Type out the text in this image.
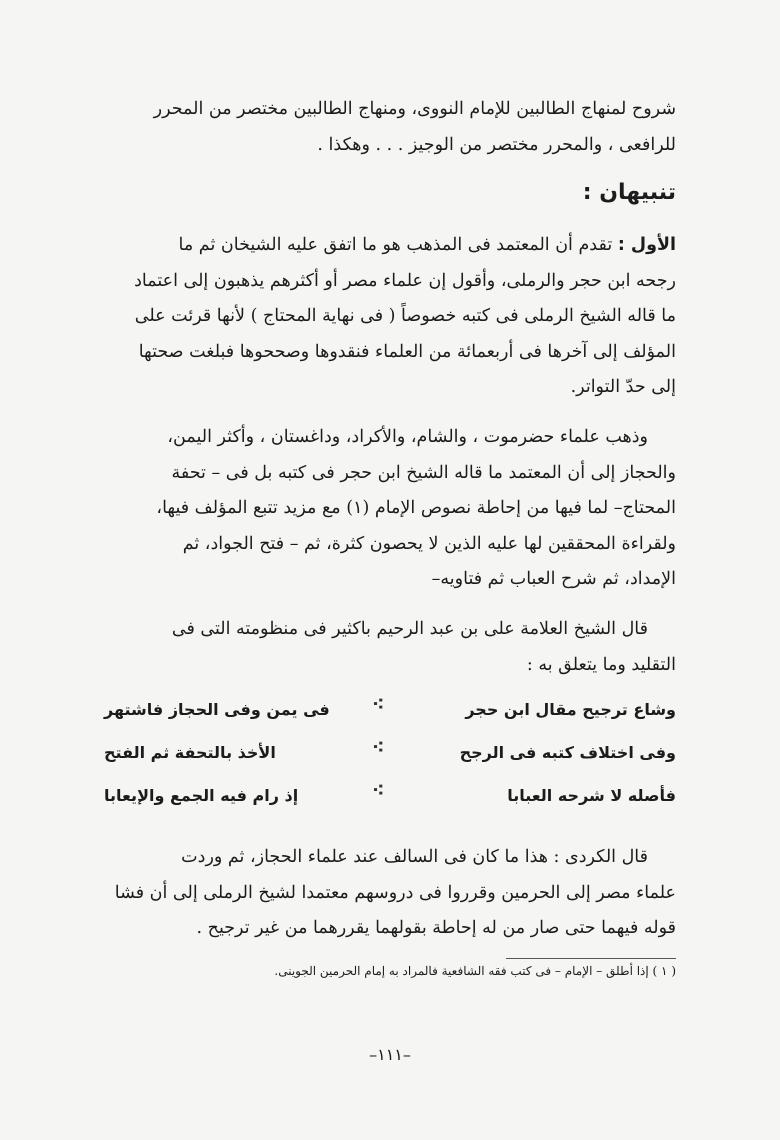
شروح لمنهاج الطالبين للإمام النووى، ومنهاج الطالبين مختصر من المحرر
للرافعى ، والمحرر مختصر من الوجيز . . . وهكذا .

تنبيهان :

الأول : تقدم أن المعتمد فى المذهب هو ما اتفق عليه الشيخان ثم ما
رجحه ابن حجر والرملى، وأقول إن علماء مصر أو أكثرهم يذهبون إلى اعتماد
ما قاله الشيخ الرملى فى كتبه خصوصاً ( فى نهاية المحتاج ) لأنها قرئت على
المؤلف إلى آخرها فى أربعمائة من العلماء فنقدوها وصححوها فبلغت صحتها
إلى حدّ التواتر.

وذهب علماء حضرموت ، والشام، والأكراد، وداغستان ، وأكثر اليمن،
والحجاز إلى أن المعتمد ما قاله الشيخ ابن حجر فى كتبه بل فى – تحفة
المحتاج– لما فيها من إحاطة نصوص الإمام (١) مع مزيد تتبع المؤلف فيها،
ولقراءة المحققين لها عليه الذين لا يحصون كثرة، ثم – فتح الجواد، ثم
الإمداد، ثم شرح العباب ثم فتاويه–

قال الشيخ العلامة على بن عبد الرحيم باكثير فى منظومته التى فى
التقليد وما يتعلق به :

وشاع ترجيح مقال ابن حجر
⁖
فى يمن وفى الحجاز فاشتهر
وفى اختلاف كتبه فى الرجح
⁖
الأخذ بالتحفة ثم الفتح
فأصله لا شرحه العبابا
⁖
إذ رام فيه الجمع والإيعابا

قال الكردى : هذا ما كان فى السالف عند علماء الحجاز، ثم وردت
علماء مصر إلى الحرمين وقرروا فى دروسهم معتمدا لشيخ الرملى إلى أن فشا
قوله فيهما حتى صار من له إحاطة بقولهما يقررهما من غير ترجيح .

( ١ ) إذا أطلق – الإمام – فى كتب فقه الشافعية فالمراد به إمام الحرمين الجوينى.

–١١١–
